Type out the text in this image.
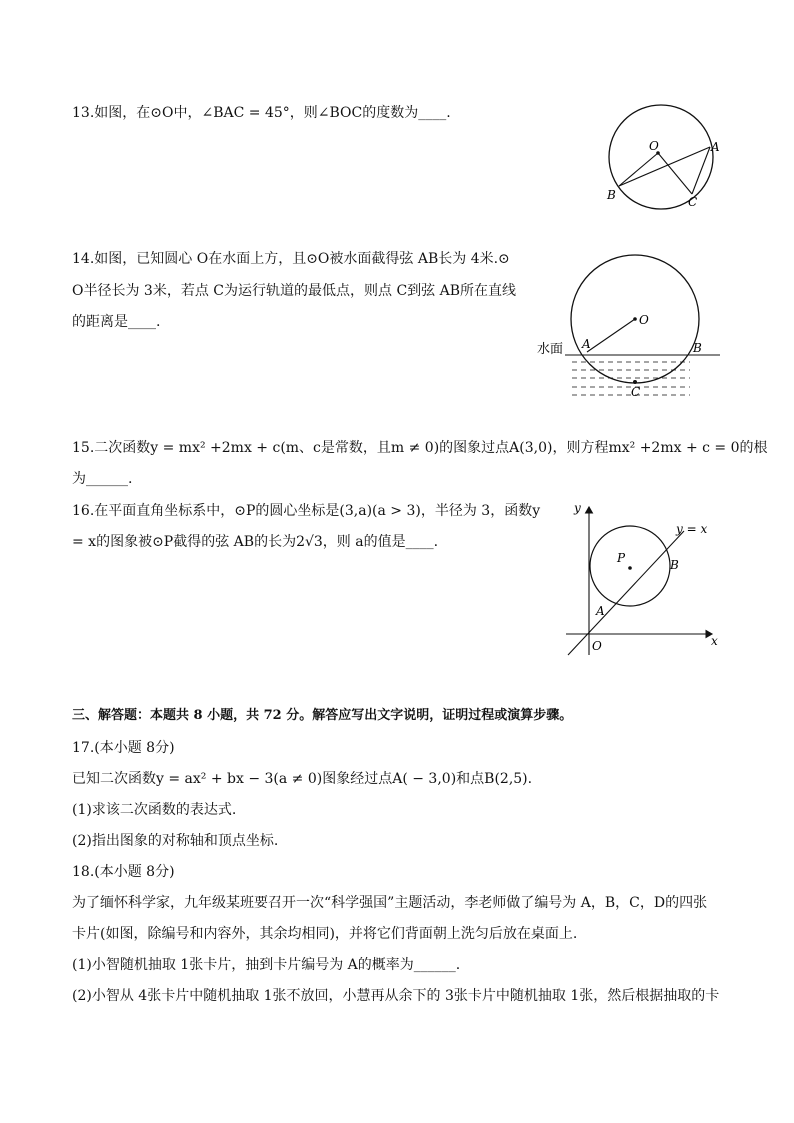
13.如图，在⊙O中，∠BAC = 45°，则∠BOC的度数为____.
O	A
B	C
14.如图，已知圆心 O在水面上方，且⊙O被水面截得弦 AB长为 4米.⊙
O半径长为 3米，若点 C为运行轨道的最低点，则点 C到弦 AB所在直线
的距离是____.	O
A	B
C
水面
15.二次函数y = mx² +2mx + c(m、c是常数，且m ≠ 0)的图象过点A(3,0)，则方程mx² +2mx + c = 0的根
为______.
16.在平面直角坐标系中，⊙P的圆心坐标是(3,a)(a > 3)，半径为 3，函数y
= x的图象被⊙P截得的弦 AB的长为2√3，则 a的值是____.
y
x
y = x
P
A
B
O
三、解答题：本题共 8 小题，共 72 分。解答应写出文字说明，证明过程或演算步骤。
17.(本小题 8分)
已知二次函数y = ax² + bx − 3(a ≠ 0)图象经过点A( − 3,0)和点B(2,5).
(1)求该二次函数的表达式.
(2)指出图象的对称轴和顶点坐标.
18.(本小题 8分)
为了缅怀科学家，九年级某班要召开一次“科学强国”主题活动，李老师做了编号为 A，B，C，D的四张
卡片(如图，除编号和内容外，其余均相同)，并将它们背面朝上洗匀后放在桌面上.
(1)小智随机抽取 1张卡片，抽到卡片编号为 A的概率为______.
(2)小智从 4张卡片中随机抽取 1张不放回，小慧再从余下的 3张卡片中随机抽取 1张，然后根据抽取的卡
